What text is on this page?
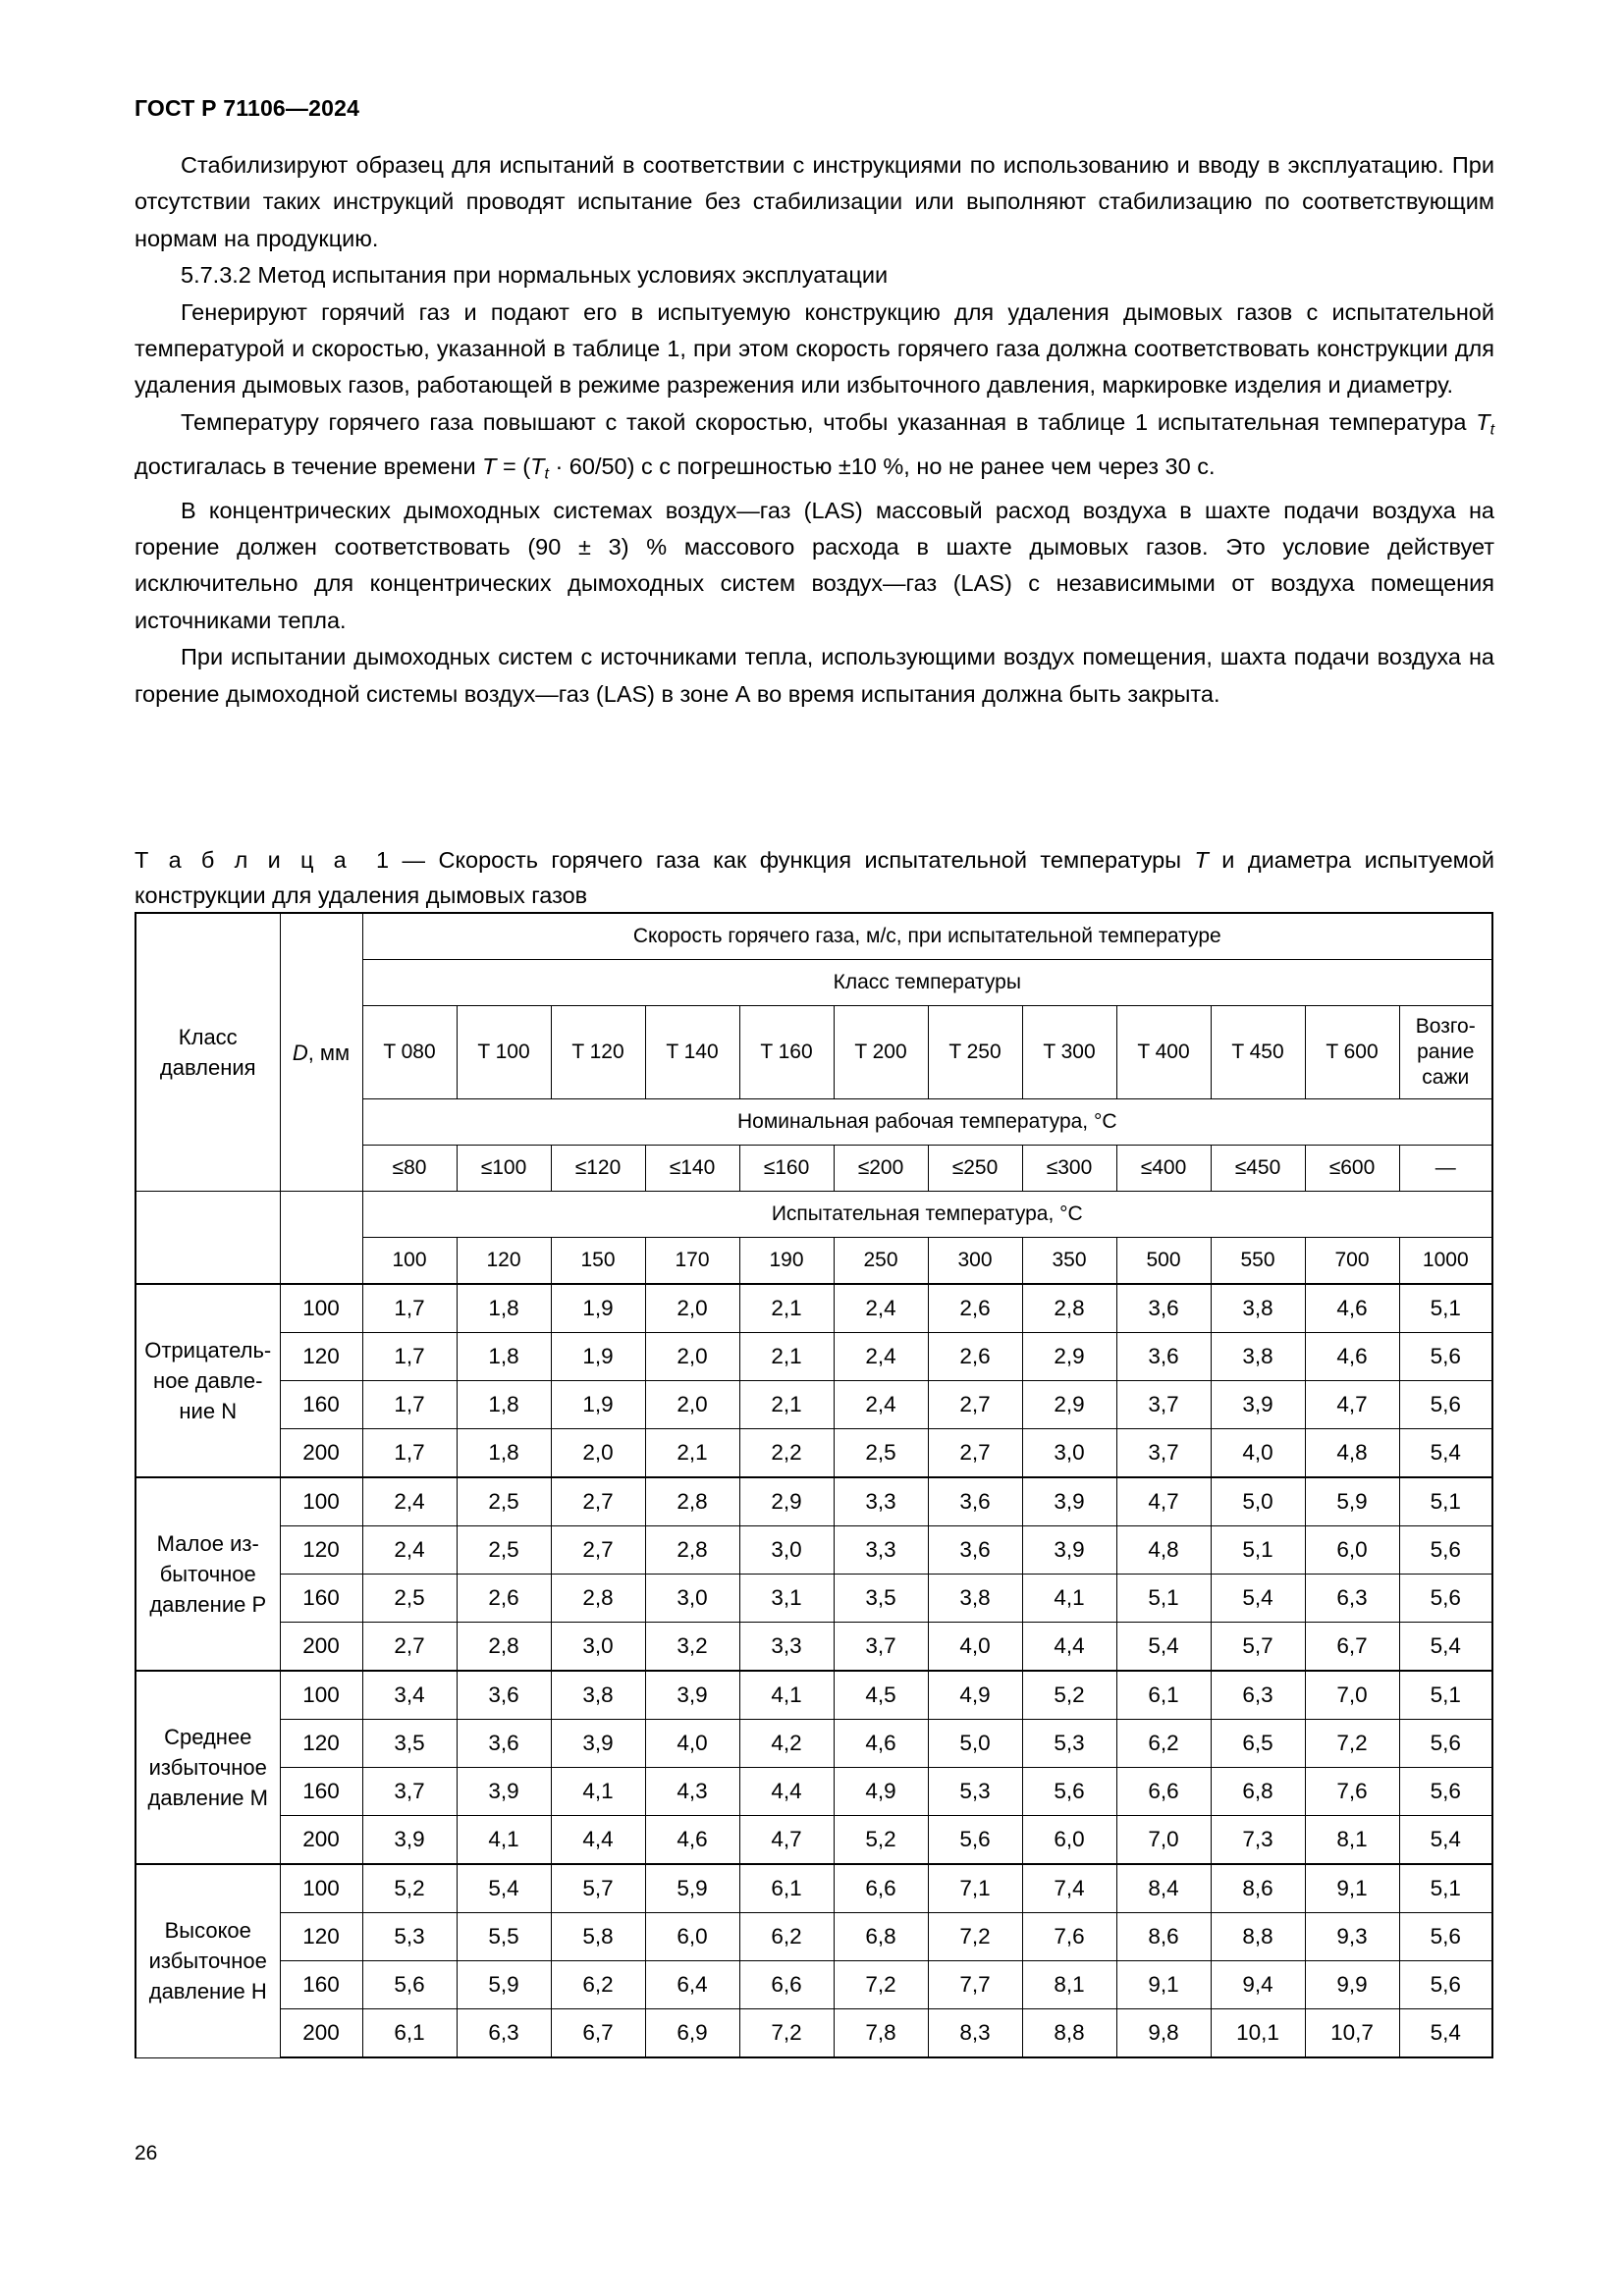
ГОСТ Р 71106—2024

Стабилизируют образец для испытаний в соответствии с инструкциями по использованию и вводу в эксплуатацию. При отсутствии таких инструкций проводят испытание без стабилизации или выполняют стабилизацию по соответствующим нормам на продукцию.

5.7.3.2 Метод испытания при нормальных условиях эксплуатации

Генерируют горячий газ и подают его в испытуемую конструкцию для удаления дымовых газов с испытательной температурой и скоростью, указанной в таблице 1, при этом скорость горячего газа должна соответствовать конструкции для удаления дымовых газов, работающей в режиме разрежения или избыточного давления, маркировке изделия и диаметру.

Температуру горячего газа повышают с такой скоростью, чтобы указанная в таблице 1 испытательная температура $T_t$ достигалась в течение времени $T = (T_t \cdot 60/50)$ с с погрешностью ±10 %, но не ранее чем через 30 с.

В концентрических дымоходных системах воздух—газ (LAS) массовый расход воздуха в шахте подачи воздуха на горение должен соответствовать (90 ± 3) % массового расхода в шахте дымовых газов. Это условие действует исключительно для концентрических дымоходных систем воздух—газ (LAS) с независимыми от воздуха помещения источниками тепла.

При испытании дымоходных систем с источниками тепла, использующими воздух помещения, шахта подачи воздуха на горение дымоходной системы воздух—газ (LAS) в зоне А во время испытания должна быть закрыта.

Т а б л и ц а 1 — Скорость горячего газа как функция испытательной температуры T и диаметра испытуемой конструкции для удаления дымовых газов
Класс давления	D, мм	Скорость горячего газа, м/с, при испытательной температуре											
		Класс температуры											
		T 080	T 100	T 120	T 140	T 160	T 200	T 250	T 300	T 400	T 450	T 600	Возго-
рание
сажи
		Номинальная рабочая температура, °С											
		≤80	≤100	≤120	≤140	≤160	≤200	≤250	≤300	≤400	≤450	≤600	—
		Испытательная температура, °С											
		100	120	150	170	190	250	300	350	500	550	700	1000
Отрицатель-
ное давле-
ние N	100	1,7	1,8	1,9	2,0	2,1	2,4	2,6	2,8	3,6	3,8	4,6	5,1
	120	1,7	1,8	1,9	2,0	2,1	2,4	2,6	2,9	3,6	3,8	4,6	5,6
	160	1,7	1,8	1,9	2,0	2,1	2,4	2,7	2,9	3,7	3,9	4,7	5,6
	200	1,7	1,8	2,0	2,1	2,2	2,5	2,7	3,0	3,7	4,0	4,8	5,4
Малое из-
быточное
давление Р	100	2,4	2,5	2,7	2,8	2,9	3,3	3,6	3,9	4,7	5,0	5,9	5,1
	120	2,4	2,5	2,7	2,8	3,0	3,3	3,6	3,9	4,8	5,1	6,0	5,6
	160	2,5	2,6	2,8	3,0	3,1	3,5	3,8	4,1	5,1	5,4	6,3	5,6
	200	2,7	2,8	3,0	3,2	3,3	3,7	4,0	4,4	5,4	5,7	6,7	5,4
Среднее
избыточное
давление М	100	3,4	3,6	3,8	3,9	4,1	4,5	4,9	5,2	6,1	6,3	7,0	5,1
	120	3,5	3,6	3,9	4,0	4,2	4,6	5,0	5,3	6,2	6,5	7,2	5,6
	160	3,7	3,9	4,1	4,3	4,4	4,9	5,3	5,6	6,6	6,8	7,6	5,6
	200	3,9	4,1	4,4	4,6	4,7	5,2	5,6	6,0	7,0	7,3	8,1	5,4
Высокое
избыточное
давление Н	100	5,2	5,4	5,7	5,9	6,1	6,6	7,1	7,4	8,4	8,6	9,1	5,1
	120	5,3	5,5	5,8	6,0	6,2	6,8	7,2	7,6	8,6	8,8	9,3	5,6
	160	5,6	5,9	6,2	6,4	6,6	7,2	7,7	8,1	9,1	9,4	9,9	5,6
	200	6,1	6,3	6,7	6,9	7,2	7,8	8,3	8,8	9,8	10,1	10,7	5,4
26
